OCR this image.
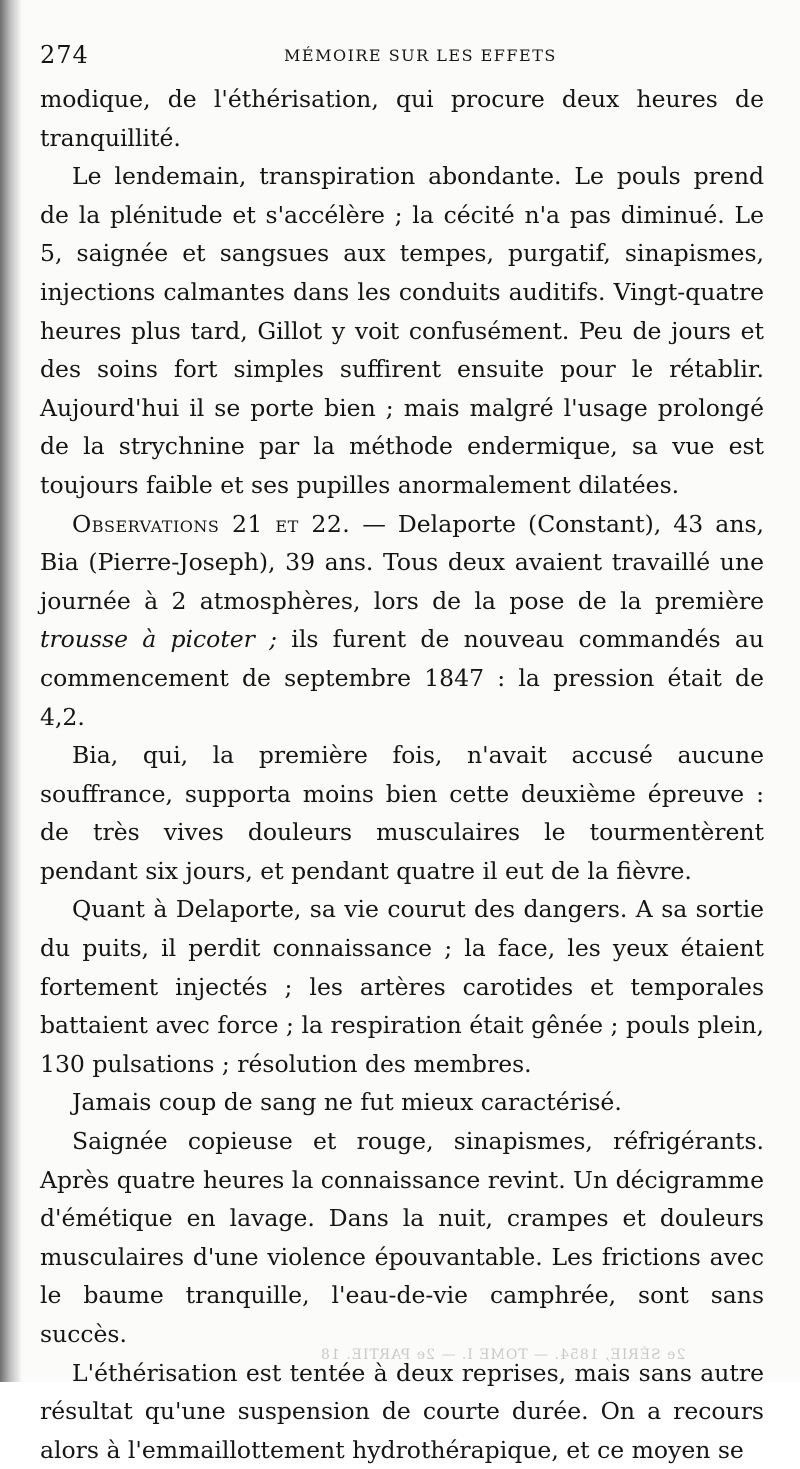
274	MÉMOIRE SUR LES EFFETS

modique, de l'éthérisation, qui procure deux heures de tranquillité.

Le lendemain, transpiration abondante. Le pouls prend de la plénitude et s'accélère ; la cécité n'a pas diminué. Le 5, saignée et sangsues aux tempes, purgatif, sinapismes, injections calmantes dans les conduits auditifs. Vingt-quatre heures plus tard, Gillot y voit confusément. Peu de jours et des soins fort simples suffirent ensuite pour le rétablir. Aujourd'hui il se porte bien ; mais malgré l'usage prolongé de la strychnine par la méthode endermique, sa vue est toujours faible et ses pupilles anormalement dilatées.

Observations 21 et 22. — Delaporte (Constant), 43 ans, Bia (Pierre-Joseph), 39 ans. Tous deux avaient travaillé une journée à 2 atmosphères, lors de la pose de la première trousse à picoter ; ils furent de nouveau commandés au commencement de septembre 1847 : la pression était de 4,2.

Bia, qui, la première fois, n'avait accusé aucune souffrance, supporta moins bien cette deuxième épreuve : de très vives douleurs musculaires le tourmentèrent pendant six jours, et pendant quatre il eut de la fièvre.

Quant à Delaporte, sa vie courut des dangers. A sa sortie du puits, il perdit connaissance ; la face, les yeux étaient fortement injectés ; les artères carotides et temporales battaient avec force ; la respiration était gênée ; pouls plein, 130 pulsations ; résolution des membres.

Jamais coup de sang ne fut mieux caractérisé.

Saignée copieuse et rouge, sinapismes, réfrigérants. Après quatre heures la connaissance revint. Un décigramme d'émétique en lavage. Dans la nuit, crampes et douleurs musculaires d'une violence épouvantable. Les frictions avec le baume tranquille, l'eau-de-vie camphrée, sont sans succès.

L'éthérisation est tentée à deux reprises, mais sans autre résultat qu'une suspension de courte durée. On a recours alors à l'emmaillottement hydrothérapique, et ce moyen se

2e SÉRIE, 1854. — TOME I. — 2e PARTIE. 18
